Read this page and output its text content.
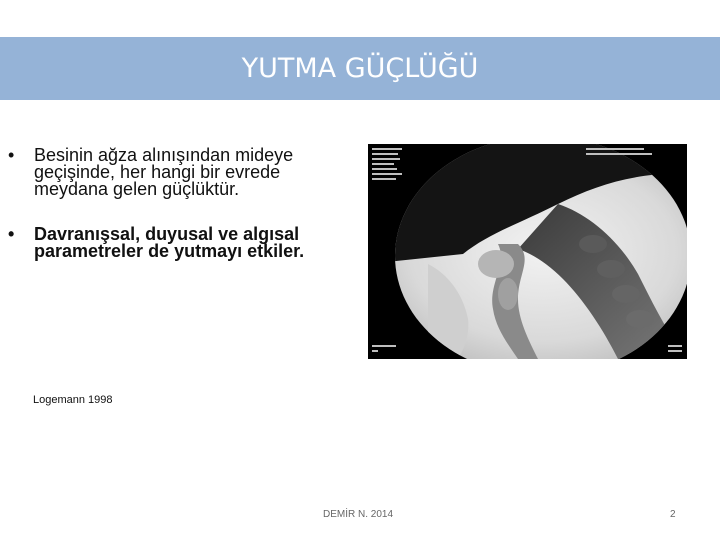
YUTMA GÜÇLÜĞÜ
• Besinin ağza alınışından mideye geçişinde, her hangi bir evrede meydana gelen güçlüktür.
• Davranışsal, duyusal ve algısal parametreler de yutmayı etkiler.
Logemann 1998
DEMİR N. 2014	2
